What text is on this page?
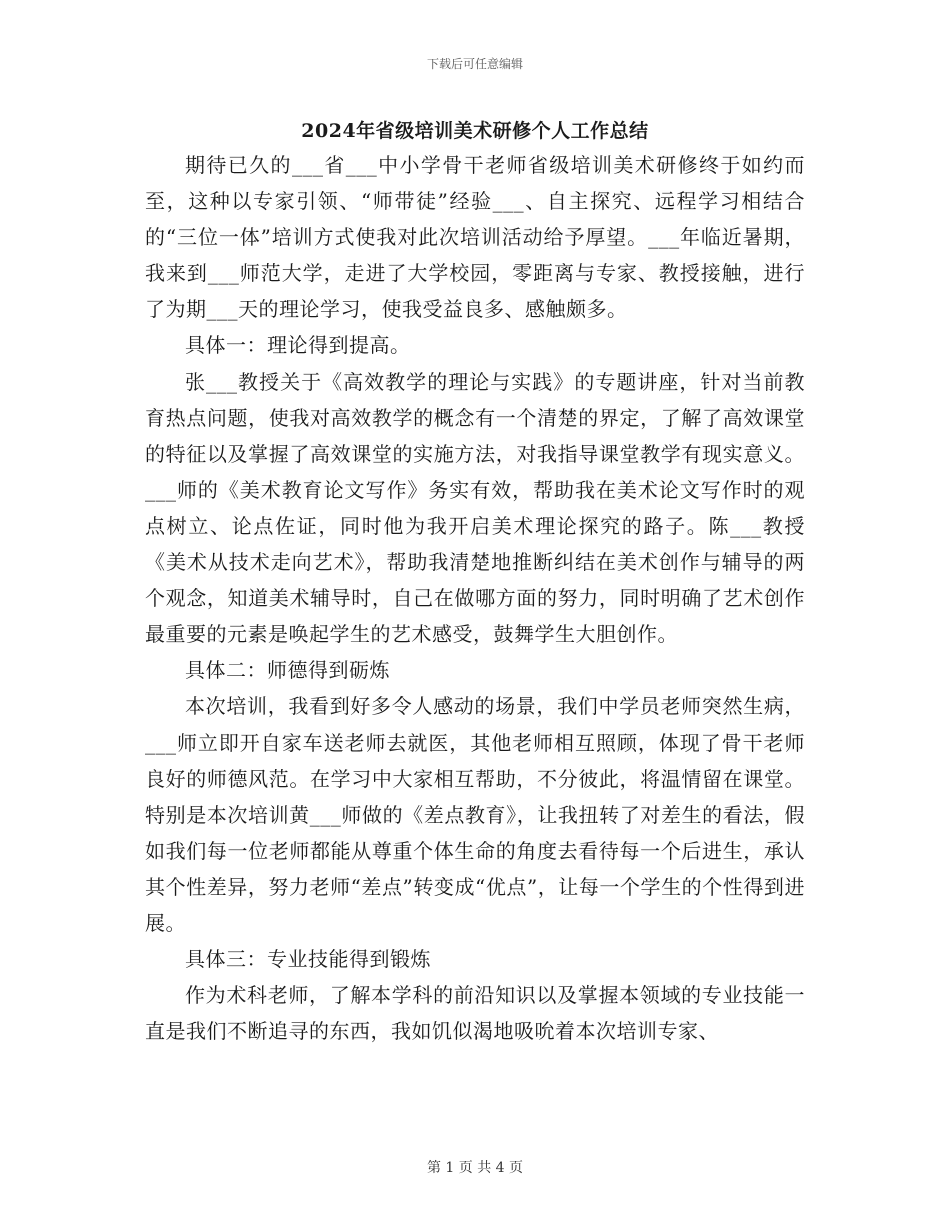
下载后可任意编辑
2024年省级培训美术研修个人工作总结

期待已久的___省___中小学骨干老师省级培训美术研修终于如约而至，这种以专家引领、“师带徒”经验___、自主探究、远程学习相结合的“三位一体”培训方式使我对此次培训活动给予厚望。___年临近暑期，我来到___师范大学，走进了大学校园，零距离与专家、教授接触，进行了为期___天的理论学习，使我受益良多、感触颇多。

具体一：理论得到提高。

张___教授关于《高效教学的理论与实践》的专题讲座，针对当前教育热点问题，使我对高效教学的概念有一个清楚的界定，了解了高效课堂的特征以及掌握了高效课堂的实施方法，对我指导课堂教学有现实意义。___师的《美术教育论文写作》务实有效，帮助我在美术论文写作时的观点树立、论点佐证，同时他为我开启美术理论探究的路子。陈___教授《美术从技术走向艺术》，帮助我清楚地推断纠结在美术创作与辅导的两个观念，知道美术辅导时，自己在做哪方面的努力，同时明确了艺术创作最重要的元素是唤起学生的艺术感受，鼓舞学生大胆创作。

具体二：师德得到砺炼

本次培训，我看到好多令人感动的场景，我们中学员老师突然生病，___师立即开自家车送老师去就医，其他老师相互照顾，体现了骨干老师良好的师德风范。在学习中大家相互帮助，不分彼此，将温情留在课堂。特别是本次培训黄___师做的《差点教育》，让我扭转了对差生的看法，假如我们每一位老师都能从尊重个体生命的角度去看待每一个后进生，承认其个性差异，努力老师“差点”转变成“优点”，让每一个学生的个性得到进展。

具体三：专业技能得到锻炼

作为术科老师，了解本学科的前沿知识以及掌握本领域的专业技能一直是我们不断追寻的东西，我如饥似渴地吸吮着本次培训专家、

第 1 页 共 4 页
